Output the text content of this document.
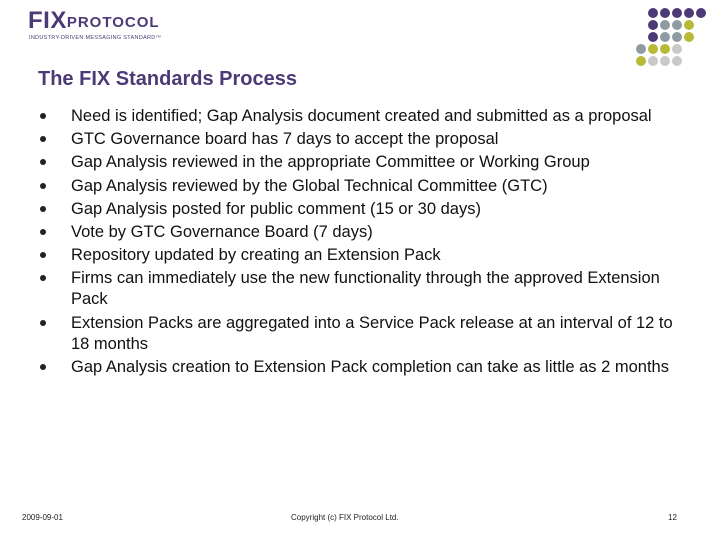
FIXPROTOCOL
INDUSTRY-DRIVEN MESSAGING STANDARD™
The FIX Standards Process
Need is identified; Gap Analysis document created and submitted as a proposal
GTC Governance board has 7 days to accept the proposal
Gap Analysis reviewed in the appropriate Committee or Working Group
Gap Analysis reviewed by the Global Technical Committee (GTC)
Gap Analysis posted for public comment (15 or 30 days)
Vote by GTC Governance Board (7 days)
Repository updated by creating an Extension Pack
Firms can immediately use the new functionality through the approved Extension Pack
Extension Packs are aggregated into a Service Pack release at an interval of 12 to 18 months
Gap Analysis creation to Extension Pack completion can take as little as 2 months
2009-09-01	Copyright (c) FIX Protocol Ltd.	12
